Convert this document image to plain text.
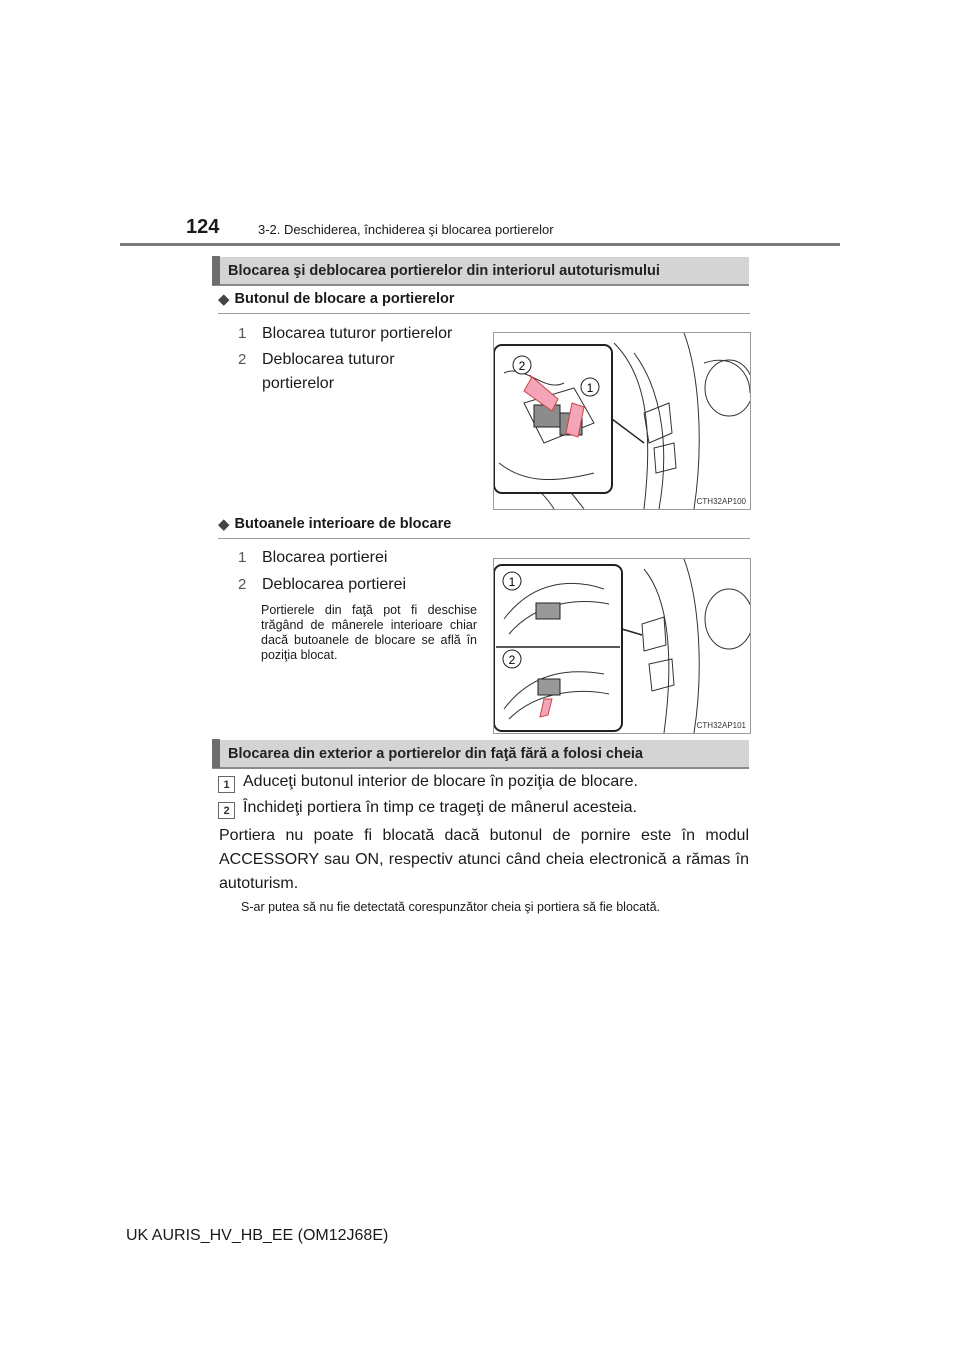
124	3-2. Deschiderea, închiderea şi blocarea portierelor
Blocarea şi deblocarea portierelor din interiorul autoturismului
◆ Butonul de blocare a portierelor
1 Blocarea tuturor portierelor
2 Deblocarea tuturor
portierelor
2
1
CTH32AP100
◆ Butoanele interioare de blocare
1 Blocarea portierei
2 Deblocarea portierei
Portierele din faţă pot fi deschise trăgând de mânerele interioare chiar dacă butoanele de blocare se află în poziţia blocat.
1
2
CTH32AP101
Blocarea din exterior a portierelor din faţă fără a folosi cheia
1 Aduceţi butonul interior de blocare în poziţia de blocare.
2 Închideţi portiera în timp ce trageţi de mânerul acesteia.
Portiera nu poate fi blocată dacă butonul de pornire este în modul ACCESSORY sau ON, respectiv atunci când cheia electronică a rămas în autoturism.
S-ar putea să nu fie detectată corespunzător cheia şi portiera să fie blocată.
UK AURIS_HV_HB_EE (OM12J68E)
